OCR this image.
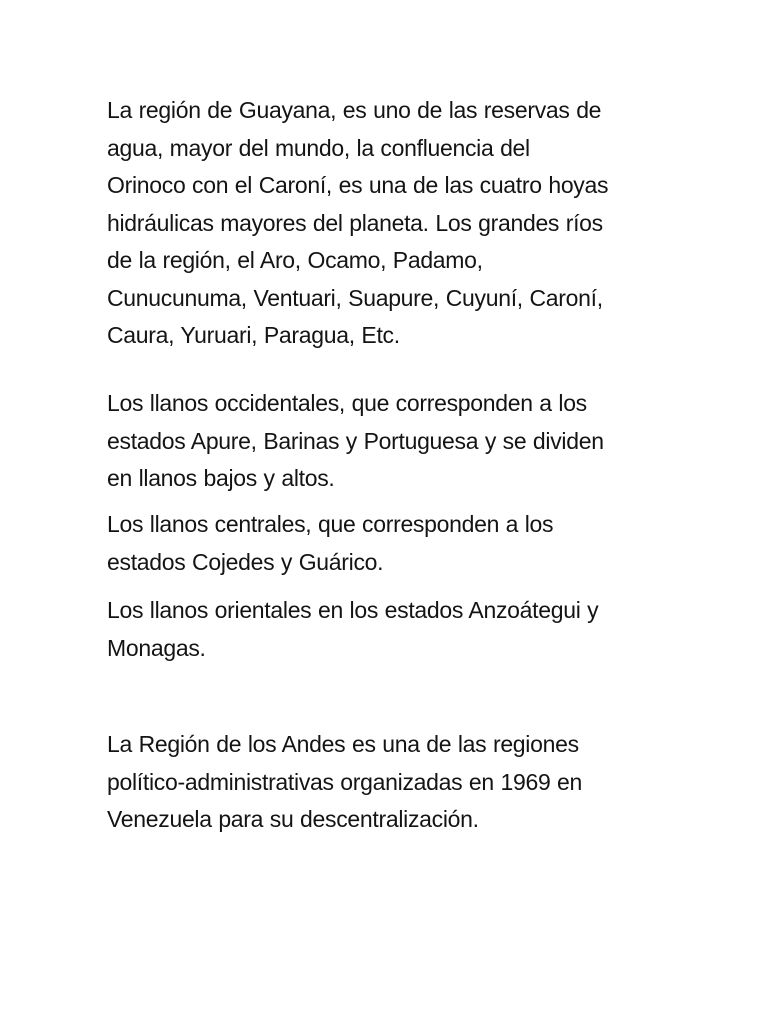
La región de Guayana, es uno de las reservas de
agua, mayor del mundo, la confluencia del
Orinoco con el Caroní, es una de las cuatro hoyas
hidráulicas mayores del planeta. Los grandes ríos
de la región, el Aro, Ocamo, Padamo,
Cunucunuma, Ventuari, Suapure, Cuyuní, Caroní,
Caura, Yuruari, Paragua, Etc.

Los llanos occidentales, que corresponden a los
estados Apure, Barinas y Portuguesa y se dividen
en llanos bajos y altos.

Los llanos centrales, que corresponden a los
estados Cojedes y Guárico.

Los llanos orientales en los estados Anzoátegui y
Monagas.

La Región de los Andes es una de las regiones
político-administrativas organizadas en 1969 en
Venezuela para su descentralización.
